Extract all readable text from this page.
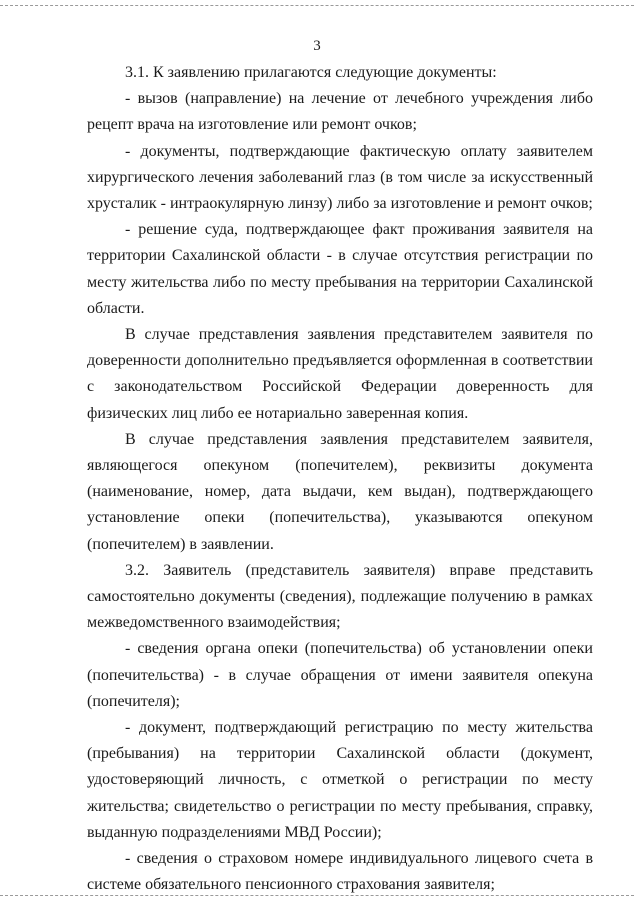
3

3.1. К заявлению прилагаются следующие документы:

- вызов (направление) на лечение от лечебного учреждения либо рецепт врача на изготовление или ремонт очков;

- документы, подтверждающие фактическую оплату заявителем хирургического лечения заболеваний глаз (в том числе за искусственный хрусталик - интраокулярную линзу) либо за изготовление и ремонт очков;

- решение суда, подтверждающее факт проживания заявителя на территории Сахалинской области - в случае отсутствия регистрации по месту жительства либо по месту пребывания на территории Сахалинской области.

В случае представления заявления представителем заявителя по доверенности дополнительно предъявляется оформленная в соответствии с законодательством Российской Федерации доверенность для физических лиц либо ее нотариально заверенная копия.

В случае представления заявления представителем заявителя, являющегося опекуном (попечителем), реквизиты документа (наименование, номер, дата выдачи, кем выдан), подтверждающего установление опеки (попечительства), указываются опекуном (попечителем) в заявлении.

3.2. Заявитель (представитель заявителя) вправе представить самостоятельно документы (сведения), подлежащие получению в рамках межведомственного взаимодействия;

- сведения органа опеки (попечительства) об установлении опеки (попечительства) - в случае обращения от имени заявителя опекуна (попечителя);

- документ, подтверждающий регистрацию по месту жительства (пребывания) на территории Сахалинской области (документ, удостоверяющий личность, с отметкой о регистрации по месту жительства; свидетельство о регистрации по месту пребывания, справку, выданную подразделениями МВД России);

- сведения о страховом номере индивидуального лицевого счета в системе обязательного пенсионного страхования заявителя;
